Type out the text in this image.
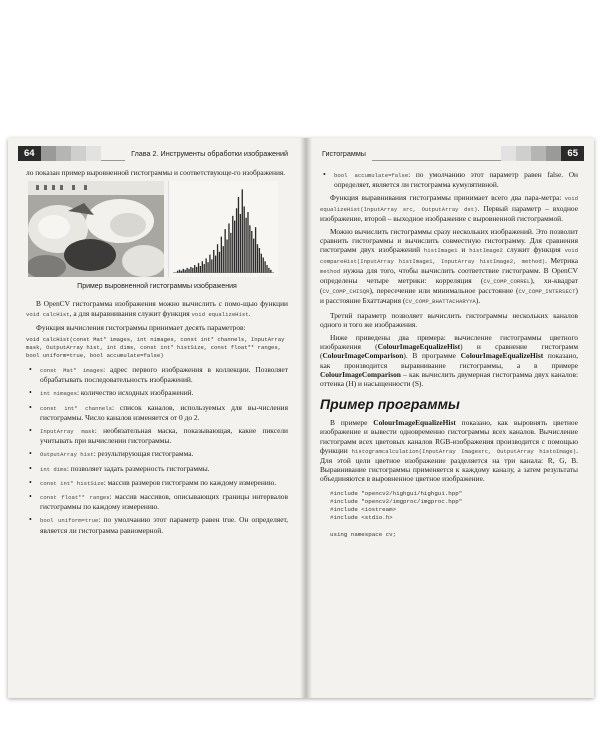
64	Глава 2. Инструменты обработки изображений

ло показан пример выровненной гистограммы и соответствующе-го изображения.

Пример выровненной гистограммы изображения

В OpenCV гистограмма изображения можно вычислить с помо-щью функции void calcHist, а для выравнивания служит функция void equalizeHist.

Функция вычисления гистограммы принимает десять параметров:

void calcHist(const Mat* images, int nimages, const int* channels, InputArray mask, OutputArray hist, int dims, const int* histSize, const float** ranges, bool uniform=true, bool accumulate=false)
• const Mat* images: адрес первого изображения в коллекции. Позволяет обрабатывать последовательность изображений.
• int nimages: количество исходных изображений.
• const int* channels: список каналов, используемых для вы-числения гистограммы. Число каналов изменяется от 0 до 2.
• InputArray mask: необязательная маска, показывающая, какие пиксели учитывать при вычислении гистограммы.
• OutputArray hist: результирующая гистограмма.
• int dims: позволяет задать размерность гистограммы.
• const int* histSize: массив размеров гистограмм по каждому измерению.
• const float** ranges: массив массивов, описывающих границы интервалов гистограммы по каждому измерению.
• bool uniform=true: по умолчанию этот параметр равен true. Он определяет, является ли гистограмма равномерной.
Гистограммы	65
• bool accumulate=false: по умолчанию этот параметр равен false. Он определяет, является ли гистограмма кумулятивной.

Функция выравнивания гистограммы принимает всего два пара-метра: void equalizeHist(InputArray src, OutputArray dst). Первый параметр – входное изображение, второй – выходное изображение с выровненной гистограммой.

Можно вычислить гистограммы сразу нескольких изображений. Это позволит сравнить гистограммы и вычислить совместную гистограмму. Для сравнения гистограмм двух изображений histImage1 и histImage2 служит функция void compareHist(InputArray histImage1, InputArray histImage2, method). Метрика method нужна для того, чтобы вычислить соответствие гистограмм. В OpenCV определены четыре метрики: корреляция (CV_COMP_CORREL), хи-квадрат (CV_COMP_CHISQR), пересечение или минимальное расстояние (CV_COMP_INTERSECT) и расстояние Бхаттачария (CV_COMP_BHATTACHARYYA).

Третий параметр позволяет вычислить гистограммы нескольких каналов одного и того же изображения.

Ниже приведены два примера: вычисление гистограммы цветного изображения (ColourImageEqualizeHist) и сравнение гистограмм (ColourImageComparison). В программе ColourImageEqualizeHist показано, как производится выравнивание гистограммы, а в примере ColourImageComparison – как вычислить двумерная гистограмма двух каналов: оттенка (H) и насыщенности (S).

Пример программы

В примере ColourImageEqualizeHist показано, как выровнять цветное изображение и вывести одновременно гистограммы всех каналов. Вычисление гистограмм всех цветовых каналов RGB-изображения производится с помощью функции histogramcalculation(InputArray Imagesrc, OutputArray histoImage). Для этой цели цветное изображение разделяется на три канала: R, G, B. Выравнивание гистограммы применяется к каждому каналу, а затем результаты объединяются в выровненное цветное изображение.

#include "opencv2/highgui/highgui.hpp"
#include "opencv2/imgproc/imgproc.hpp"
#include <iostream>
#include <stdio.h>
using namespace cv;
